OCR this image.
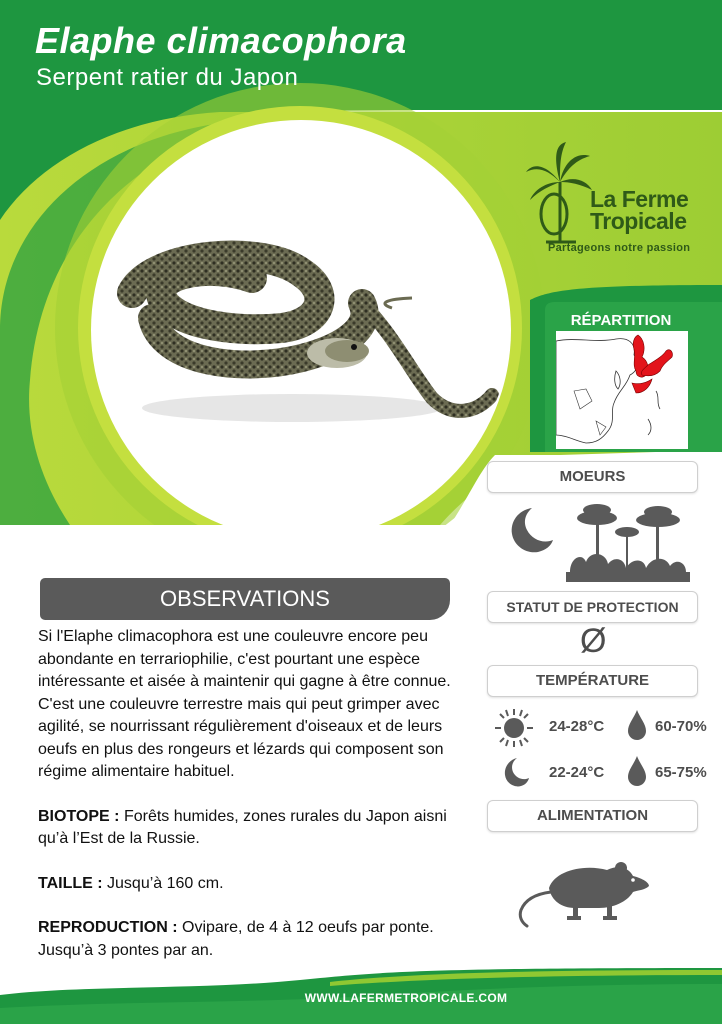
Elaphe climacophora
Serpent ratier du Japon
La Ferme
Tropicale
Partageons notre passion
RÉPARTITION
MOEURS
STATUT DE PROTECTION
Ø
TEMPÉRATURE
24-28°C	60-70%
22-24°C	65-75%
ALIMENTATION
OBSERVATIONS

Si l'Elaphe climacophora est une couleuvre encore peu abondante en terrariophilie, c'est pourtant une espèce intéressante et aisée à maintenir qui gagne à être connue. C'est une couleuvre terrestre mais qui peut grimper avec agilité, se nourrissant régulièrement d'oiseaux et de leurs oeufs en plus des rongeurs et lézards qui composent son régime alimentaire habituel.

BIOTOPE : Forêts humides, zones rurales du Japon aisni qu’à l’Est de la Russie.

TAILLE : Jusqu’à 160 cm.

REPRODUCTION : Ovipare, de 4 à 12 oeufs par ponte. Jusqu’à 3 pontes par an.

WWW.LAFERMETROPICALE.COM
